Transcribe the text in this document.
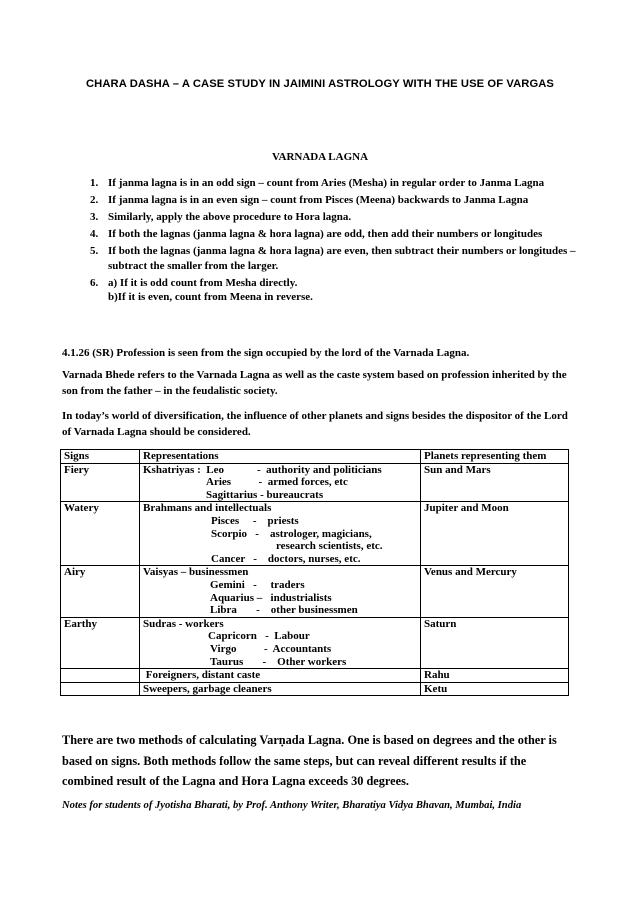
CHARA DASHA – A CASE STUDY IN JAIMINI ASTROLOGY WITH THE USE OF VARGAS
VARNADA LAGNA
1. If janma lagna is in an odd sign – count from Aries (Mesha) in regular order to Janma Lagna
2. If janma lagna is in an even sign – count from Pisces (Meena) backwards to Janma Lagna
3. Similarly, apply the above procedure to Hora lagna.
4. If both the lagnas (janma lagna & hora lagna) are odd, then add their numbers or longitudes
5. If both the lagnas (janma lagna & hora lagna) are even, then subtract their numbers or longitudes – subtract the smaller from the larger.
6. a) If it is odd count from Mesha directly.
b)If it is even, count from Meena in reverse.
4.1.26 (SR) Profession is seen from the sign occupied by the lord of the Varnada Lagna.
Varnada Bhede refers to the Varnada Lagna as well as the caste system based on profession inherited by the son from the father – in the feudalistic society.
In today’s world of diversification, the influence of other planets and signs besides the dispositor of the Lord of Varnada Lagna should be considered.
Signs	Representations	Planets representing them
Fiery	Kshatriyas :  Leo            -  authority and politicians
Aries          -  armed forces, etc
Sagittarius - bureaucrats	Sun and Mars
Watery	Brahmans and intellectuals
Pisces     -    priests
Scorpio   -    astrologer, magicians,
research scientists, etc.
Cancer   -    doctors, nurses, etc.	Jupiter and Moon
Airy	Vaisyas – businessmen
Gemini   -     traders
Aquarius –   industrialists
Libra       -    other businessmen	Venus and Mercury
Earthy	Sudras - workers
Capricorn   -  Labour
Virgo          -  Accountants
Taurus       -    Other workers	Saturn

	Foreigners, distant caste	Rahu

	Sweepers, garbage cleaners	Ketu
There are two methods of calculating Varṇada Lagna. One is based on degrees and the other is based on signs. Both methods follow the same steps, but can reveal different results if the combined result of the Lagna and Hora Lagna exceeds 30 degrees.
Notes for students of Jyotisha Bharati, by Prof. Anthony Writer, Bharatiya Vidya Bhavan, Mumbai, India
